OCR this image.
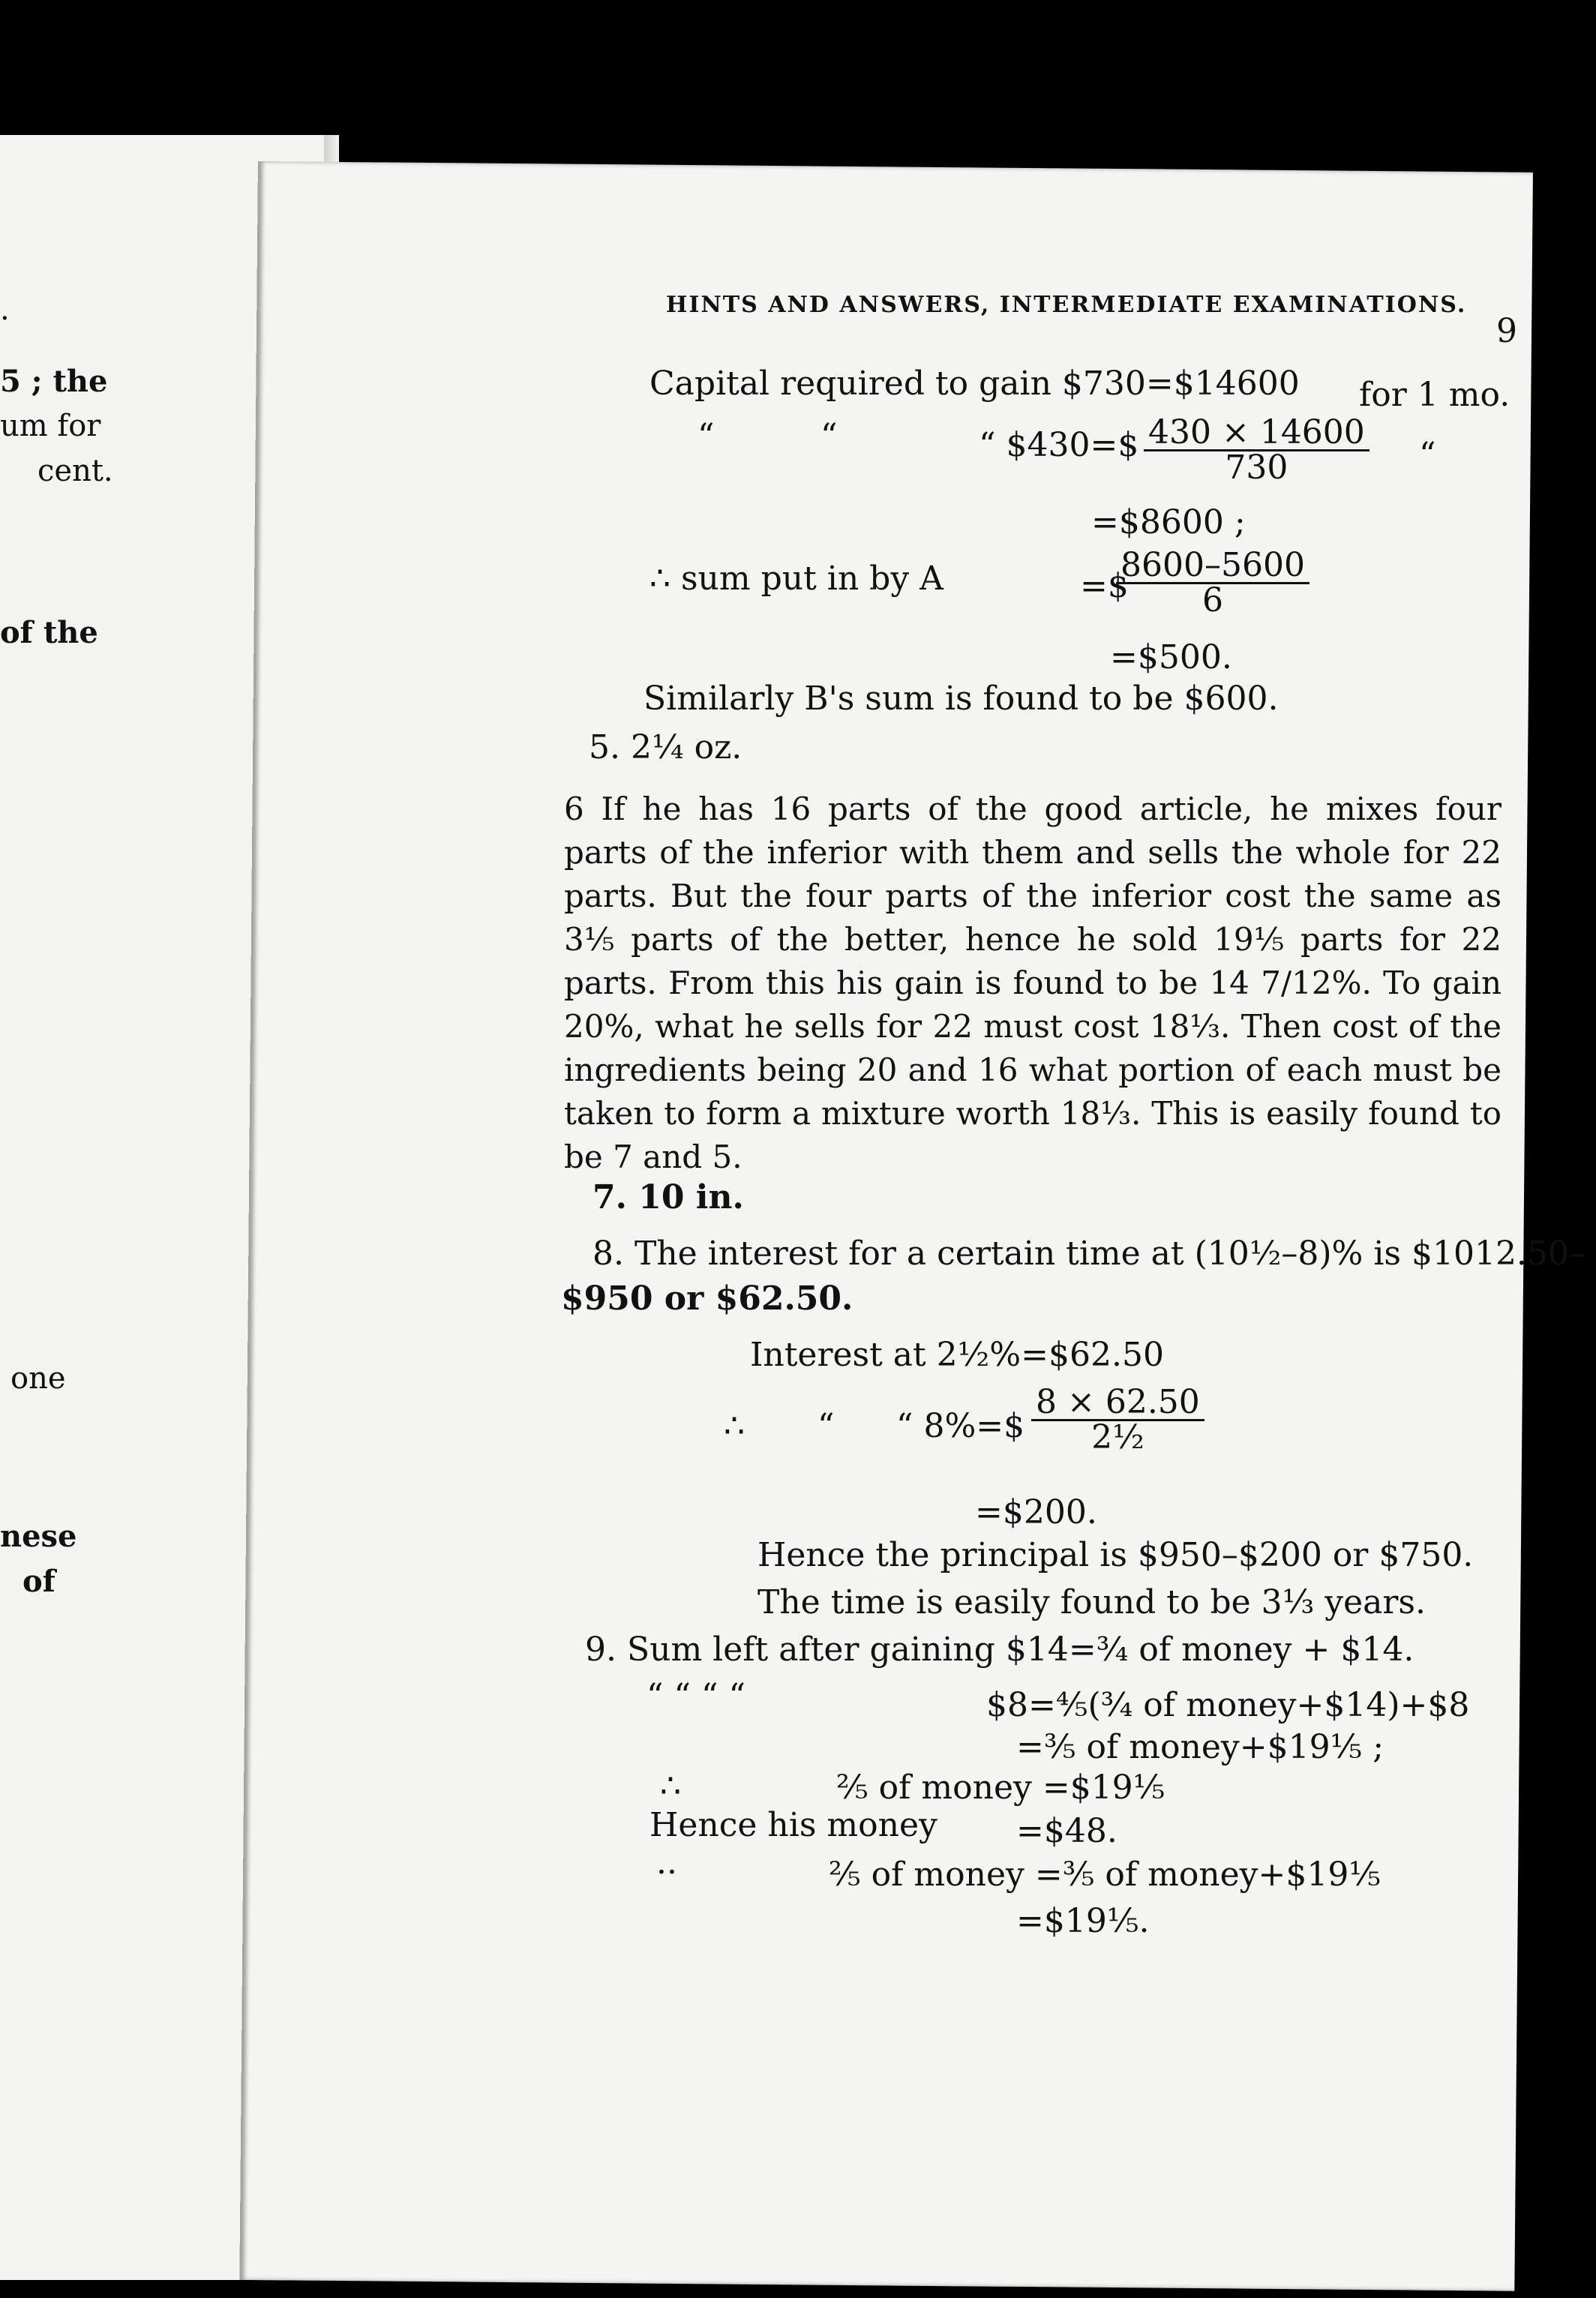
.
5 ; the
um for
cent.
of the
one
nese
of
HINTS AND ANSWERS, INTERMEDIATE EXAMINATIONS.
9
Capital required to gain $730=$14600 for 1 mo.
“	“	“ $430=$ $\frac{430 \times 14600}{730}$ “
=$8600 ;
∴ sum put in by A	=$
$\frac{8600-5600}{6}$
=$500.
Similarly B's sum is found to be $600.
5. 2¼ oz.
6 If he has 16 parts of the good article, he mixes four parts of the inferior with them and sells the whole for 22 parts. But the four parts of the inferior cost the same as 3⅕ parts of the better, hence he sold 19⅕ parts for 22 parts. From this his gain is found to be 14 7/12%. To gain 20%, what he sells for 22 must cost 18⅓. Then cost of the ingredients being 20 and 16 what portion of each must be taken to form a mixture worth 18⅓. This is easily found to be 7 and 5.
7. 10 in.
8. The interest for a certain time at (10½–8)% is $1012.50–
$950 or $62.50.
Interest at 2½%=$62.50
∴ “ “ 8%=$ $\frac{8 \times 62.50}{\text{2½}}$
=$200.
Hence the principal is $950–$200 or $750.
The time is easily found to be 3⅓ years.
9. Sum left after gaining $14=¾ of money + $14.
“ “ “ “	$8=⅘(¾ of money+$14)+$8
=⅗ of money+$19⅕ ;
∴	⅖ of money =$19⅕
Hence his money =$48.
··	⅖ of money =⅗ of money+$19⅕
=$19⅕.
